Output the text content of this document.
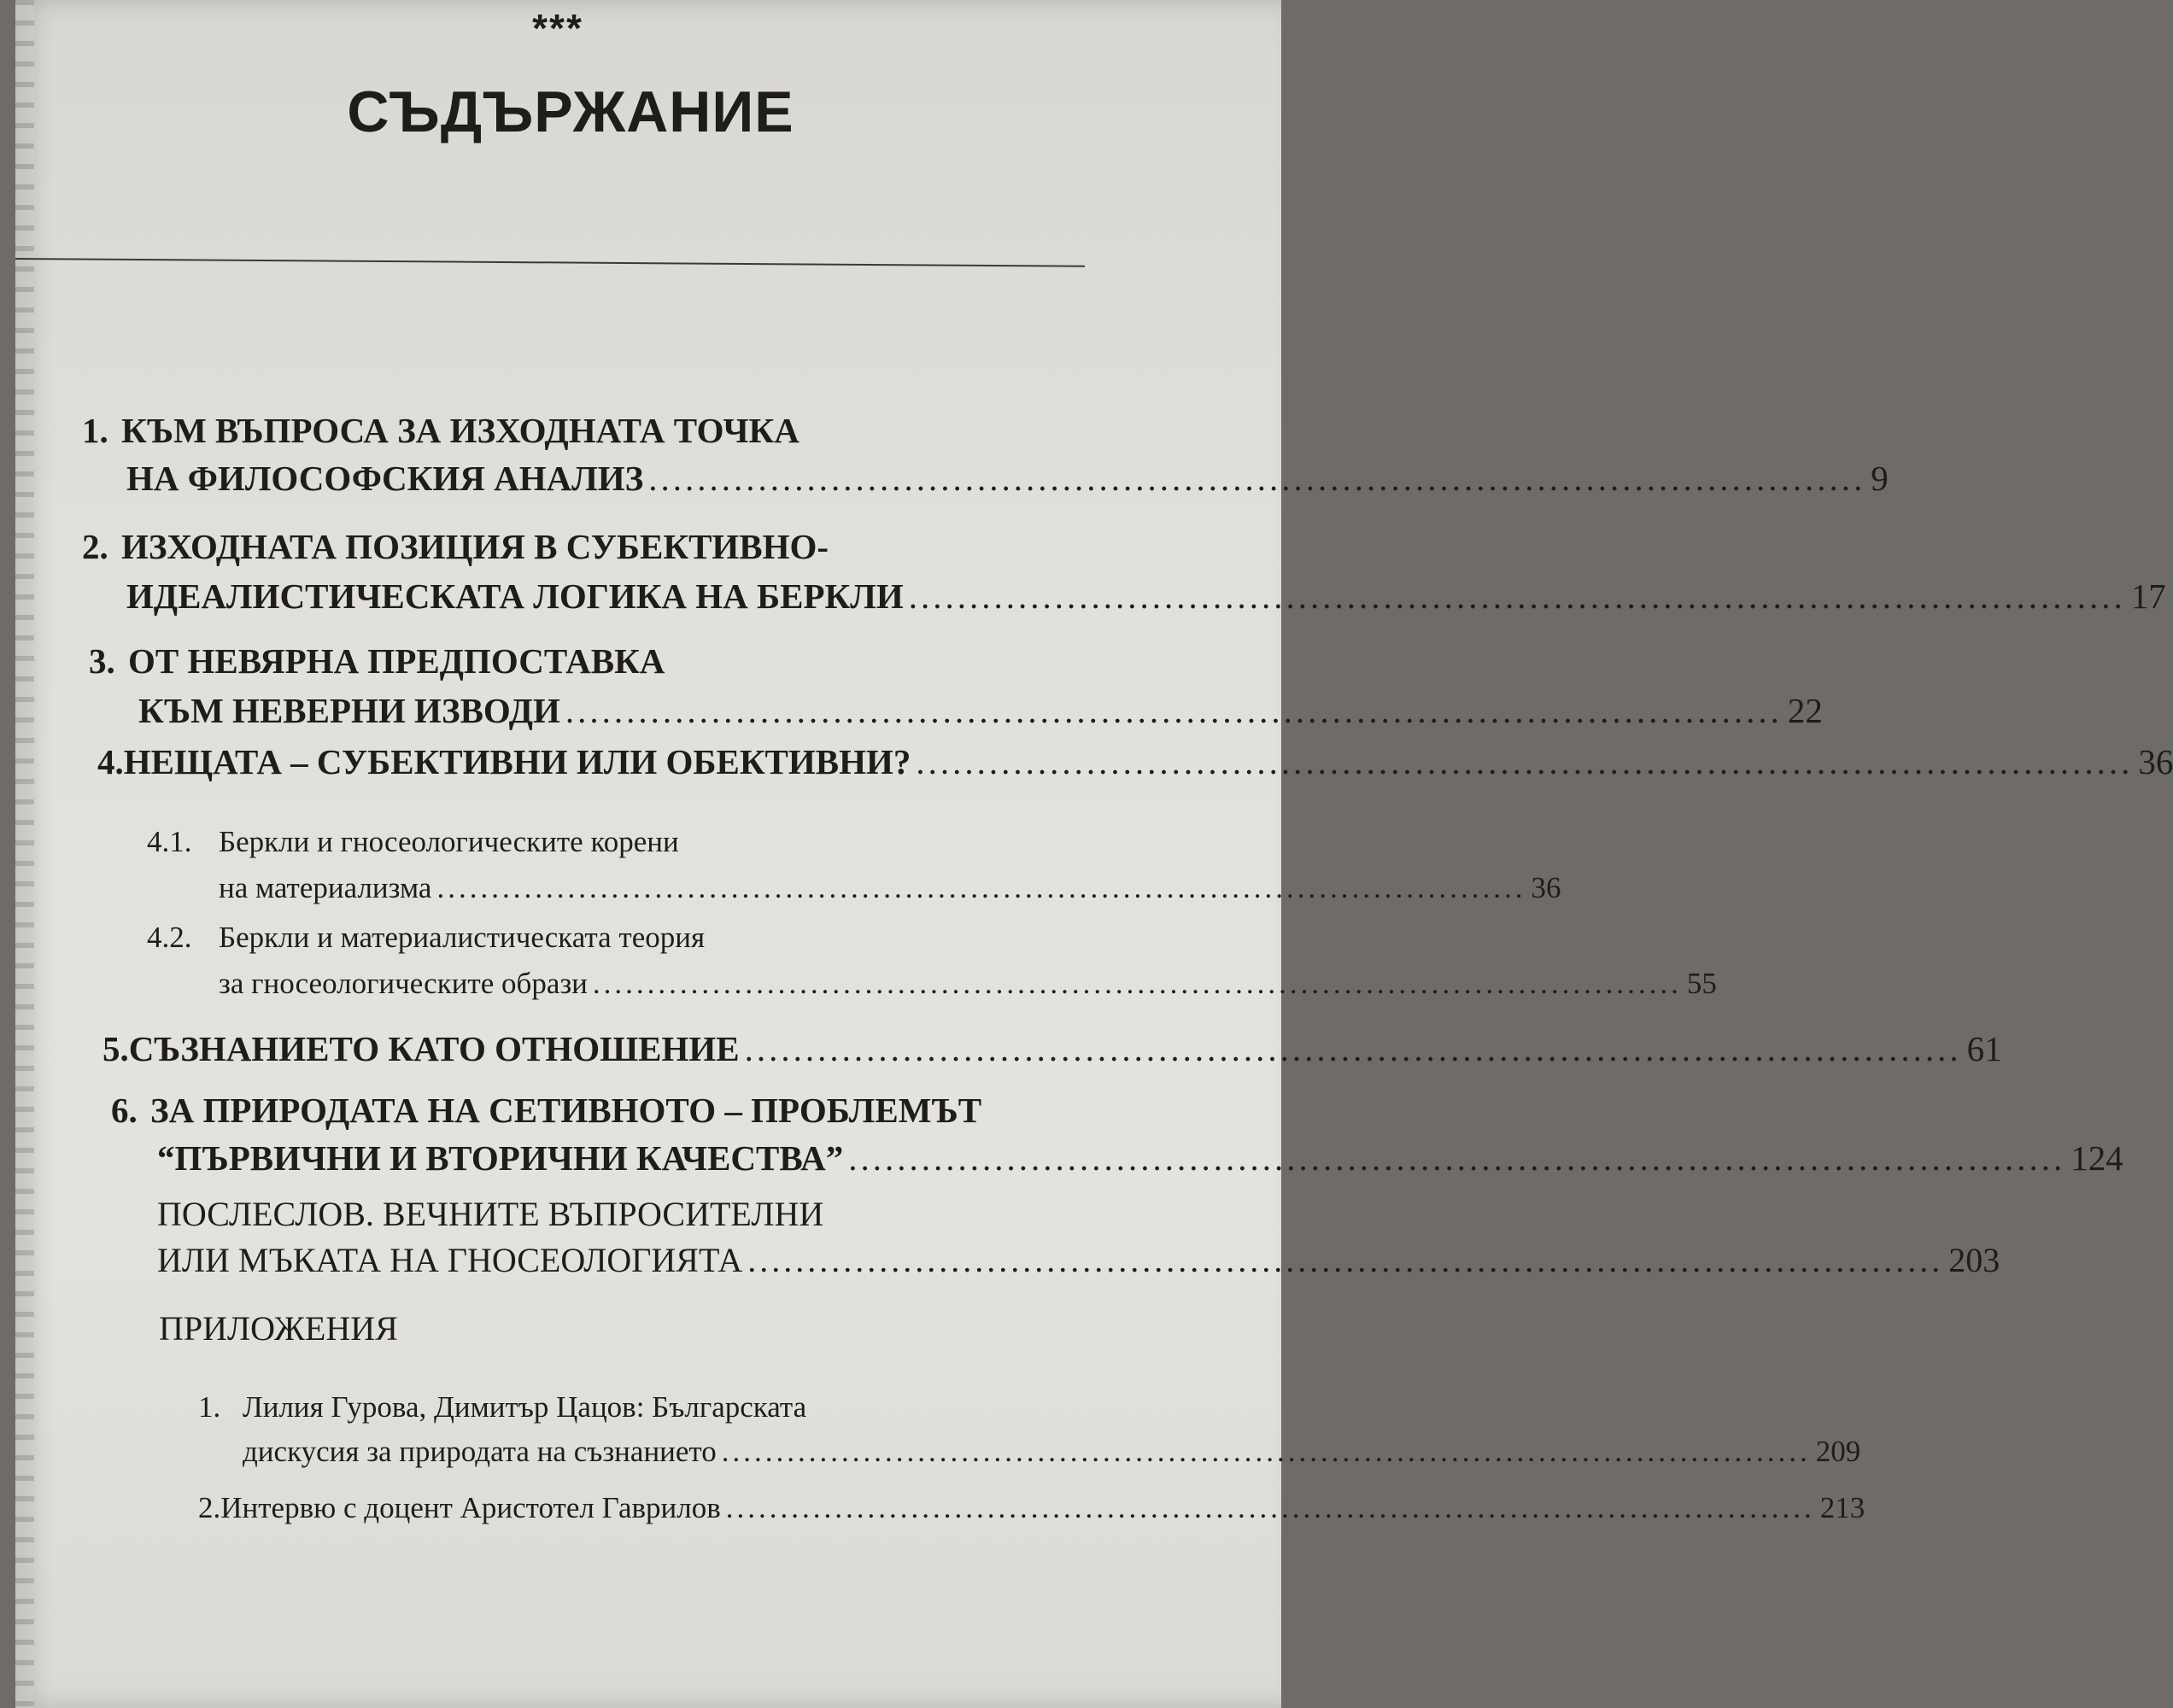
***
СЪДЪРЖАНИЕ
1. КЪМ ВЪПРОСА ЗА ИЗХОДНАТА ТОЧКА
НА ФИЛОСОФСКИЯ АНАЛИЗ .................................................................................................... 9
2. ИЗХОДНАТА ПОЗИЦИЯ В СУБЕКТИВНО-
ИДЕАЛИСТИЧЕСКАТА ЛОГИКА НА БЕРКЛИ .................................................................................................... 17
3. ОТ НЕВЯРНА ПРЕДПОСТАВКА
КЪМ НЕВЕРНИ ИЗВОДИ .................................................................................................... 22
4. НЕЩАТА – СУБЕКТИВНИ ИЛИ ОБЕКТИВНИ? .................................................................................................... 36
4.1. Беркли и гносеологическите корени
на материализма .................................................................................................... 36
4.2. Беркли и материалистическата теория
за гносеологическите образи .................................................................................................... 55
5. СЪЗНАНИЕТО КАТО ОТНОШЕНИЕ .................................................................................................... 61
6. ЗА ПРИРОДАТА НА СЕТИВНОТО – ПРОБЛЕМЪТ
“ПЪРВИЧНИ И ВТОРИЧНИ КАЧЕСТВА” .................................................................................................... 124
ПОСЛЕСЛОВ. ВЕЧНИТЕ ВЪПРОСИТЕЛНИ
ИЛИ МЪКАТА НА ГНОСЕОЛОГИЯТА .................................................................................................... 203
ПРИЛОЖЕНИЯ
1. Лилия Гурова, Димитър Цацов: Българската
дискусия за природата на съзнанието .................................................................................................... 209
2. Интервю с доцент Аристотел Гаврилов .................................................................................................... 213
